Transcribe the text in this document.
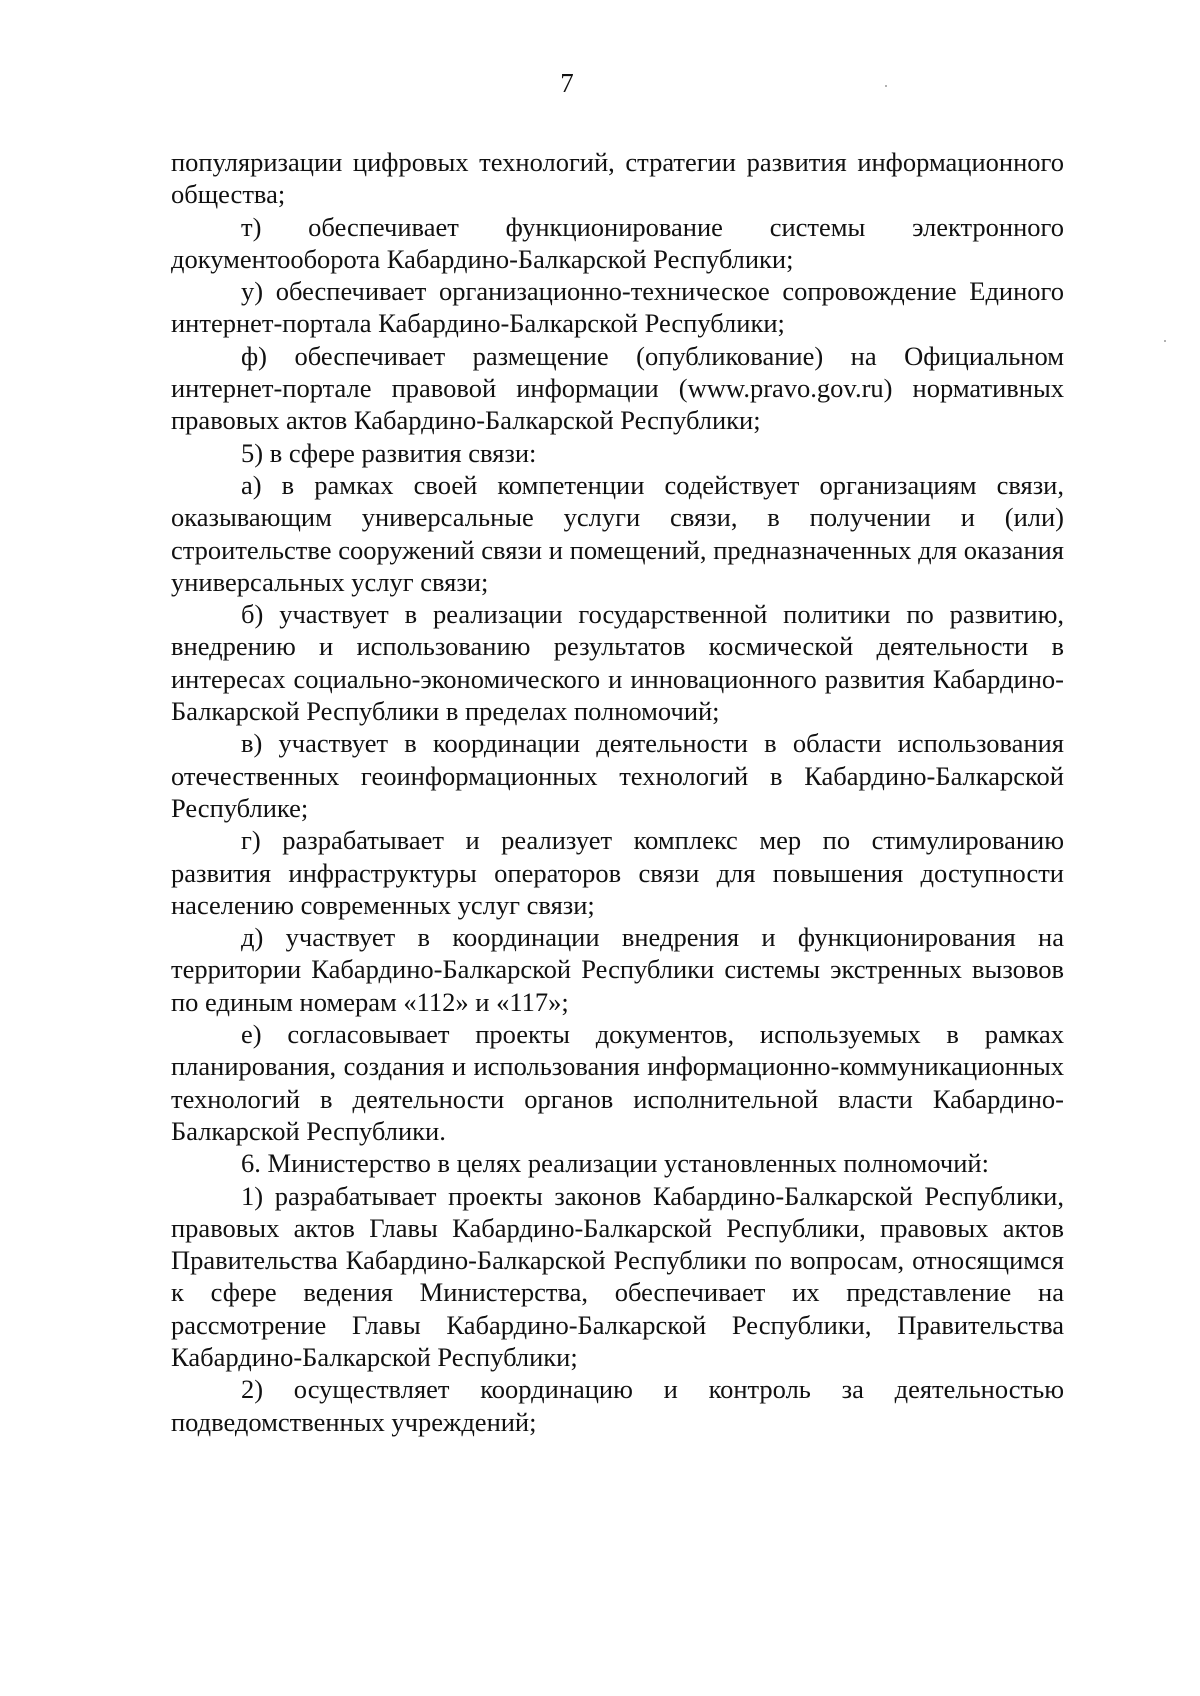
7

популяризации цифровых технологий, стратегии развития информационного общества;

т) обеспечивает функционирование системы электронного документооборота Кабардино-Балкарской Республики;

у) обеспечивает организационно-техническое сопровождение Единого интернет-портала Кабардино-Балкарской Республики;

ф) обеспечивает размещение (опубликование) на Официальном интернет-портале правовой информации (www.pravo.gov.ru) нормативных правовых актов Кабардино-Балкарской Республики;

5) в сфере развития связи:

а) в рамках своей компетенции содействует организациям связи, оказывающим универсальные услуги связи, в получении и (или) строительстве сооружений связи и помещений, предназначенных для оказания универсальных услуг связи;

б) участвует в реализации государственной политики по развитию, внедрению и использованию результатов космической деятельности в интересах социально-экономического и инновационного развития Кабардино-Балкарской Республики в пределах полномочий;

в) участвует в координации деятельности в области использования отечественных геоинформационных технологий в Кабардино-Балкарской Республике;

г) разрабатывает и реализует комплекс мер по стимулированию развития инфраструктуры операторов связи для повышения доступности населению современных услуг связи;

д) участвует в координации внедрения и функционирования на территории Кабардино-Балкарской Республики системы экстренных вызовов по единым номерам «112» и «117»;

е) согласовывает проекты документов, используемых в рамках планирования, создания и использования информационно-коммуникационных технологий в деятельности органов исполнительной власти Кабардино-Балкарской Республики.

6. Министерство в целях реализации установленных полномочий:

1) разрабатывает проекты законов Кабардино-Балкарской Республики, правовых актов Главы Кабардино-Балкарской Республики, правовых актов Правительства Кабардино-Балкарской Республики по вопросам, относящимся к сфере ведения Министерства, обеспечивает их представление на рассмотрение Главы Кабардино-Балкарской Республики, Правительства Кабардино-Балкарской Республики;

2) осуществляет координацию и контроль за деятельностью подведомственных учреждений;
